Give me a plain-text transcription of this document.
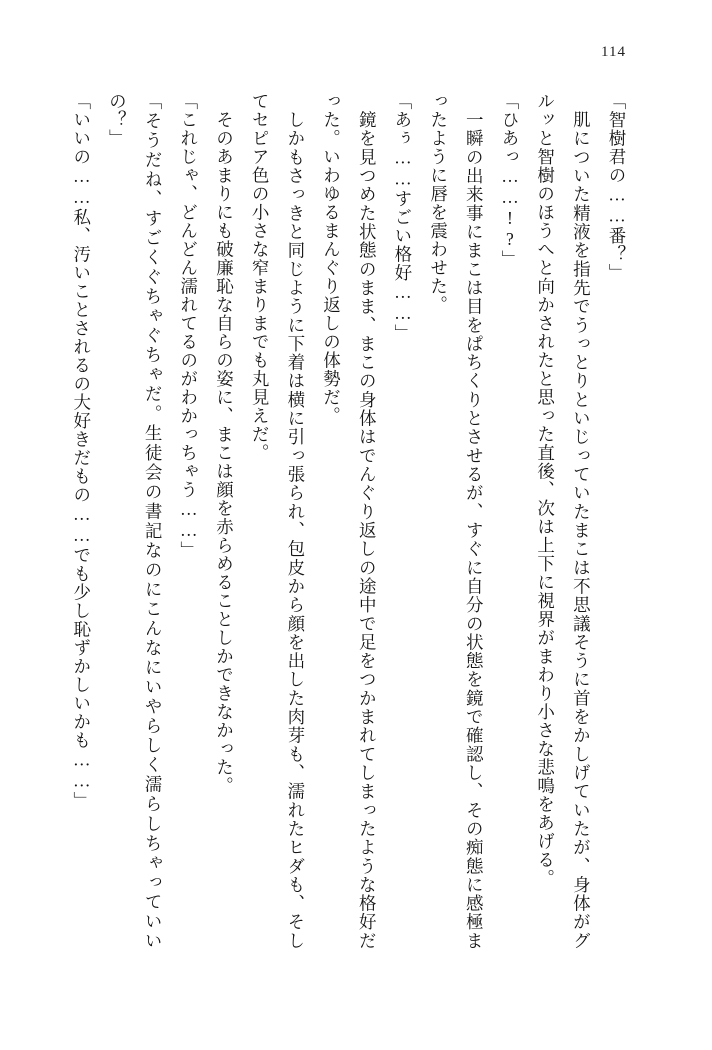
114

「智樹君の……番？」

　肌についた精液を指先でうっとりといじっていたまこは不思議そうに首をかしげていたが、身体がグルッと智樹のほうへと向かされたと思った直後、次は上下に視界がまわり小さな悲鳴をあげる。

「ひあっ……!?」

　一瞬の出来事にまこは目をぱちくりとさせるが、すぐに自分の状態を鏡で確認し、その痴態に感極まったように唇を震わせた。

「あぅ……すごい格好……」

　鏡を見つめた状態のまま、まこの身体はでんぐり返しの途中で足をつかまれてしまったような格好だった。いわゆるまんぐり返しの体勢だ。

　しかもさっきと同じように下着は横に引っ張られ、包皮から顔を出した肉芽も、濡れたヒダも、そしてセピア色の小さな窄まりまでも丸見えだ。

　そのあまりにも破廉恥な自らの姿に、まこは顔を赤らめることしかできなかった。

「これじゃ、どんどん濡れてるのがわかっちゃう……」

「そうだね、すごくぐちゃぐちゃだ。生徒会の書記なのにこんなにいやらしく濡らしちゃっていいの？」

「いいの……私、汚いことされるの大好きだもの……でも少し恥ずかしいかも……」
